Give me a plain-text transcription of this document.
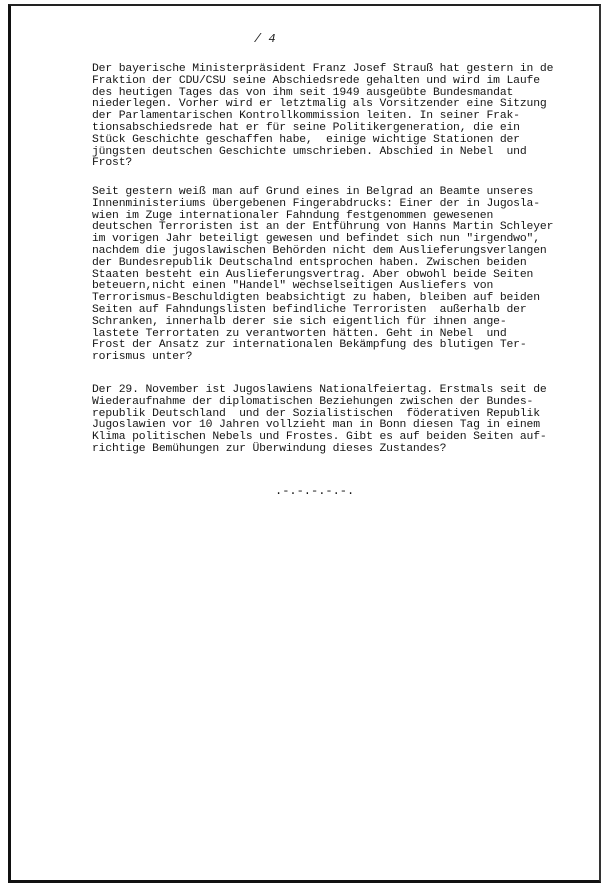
/ 4
Der bayerische Ministerpräsident Franz Josef Strauß hat gestern in de
Fraktion der CDU/CSU seine Abschiedsrede gehalten und wird im Laufe
des heutigen Tages das von ihm seit 1949 ausgeübte Bundesmandat
niederlegen. Vorher wird er letztmalig als Vorsitzender eine Sitzung
der Parlamentarischen Kontrollkommission leiten. In seiner Frak-
tionsabschiedsrede hat er für seine Politikergeneration, die ein
Stück Geschichte geschaffen habe,  einige wichtige Stationen der
jüngsten deutschen Geschichte umschrieben. Abschied in Nebel  und
Frost?
Seit gestern weiß man auf Grund eines in Belgrad an Beamte unseres
Innenministeriums übergebenen Fingerabdrucks: Einer der in Jugosla-
wien im Zuge internationaler Fahndung festgenommen gewesenen
deutschen Terroristen ist an der Entführung von Hanns Martin Schleyer
im vorigen Jahr beteiligt gewesen und befindet sich nun "irgendwo",
nachdem die jugoslawischen Behörden nicht dem Auslieferungsverlangen
der Bundesrepublik Deutschalnd entsprochen haben. Zwischen beiden
Staaten besteht ein Auslieferungsvertrag. Aber obwohl beide Seiten
beteuern,nicht einen "Handel" wechselseitigen Ausliefers von
Terrorismus-Beschuldigten beabsichtigt zu haben, bleiben auf beiden
Seiten auf Fahndungslisten befindliche Terroristen  außerhalb der
Schranken, innerhalb derer sie sich eigentlich für ihnen ange-
lastete Terrortaten zu verantworten hätten. Geht in Nebel  und
Frost der Ansatz zur internationalen Bekämpfung des blutigen Ter-
rorismus unter?
Der 29. November ist Jugoslawiens Nationalfeiertag. Erstmals seit de
Wiederaufnahme der diplomatischen Beziehungen zwischen der Bundes-
republik Deutschland  und der Sozialistischen  föderativen Republik
Jugoslawien vor 10 Jahren vollzieht man in Bonn diesen Tag in einem
Klima politischen Nebels und Frostes. Gibt es auf beiden Seiten auf-
richtige Bemühungen zur Überwindung dieses Zustandes?
.-.-.-.-.-.
